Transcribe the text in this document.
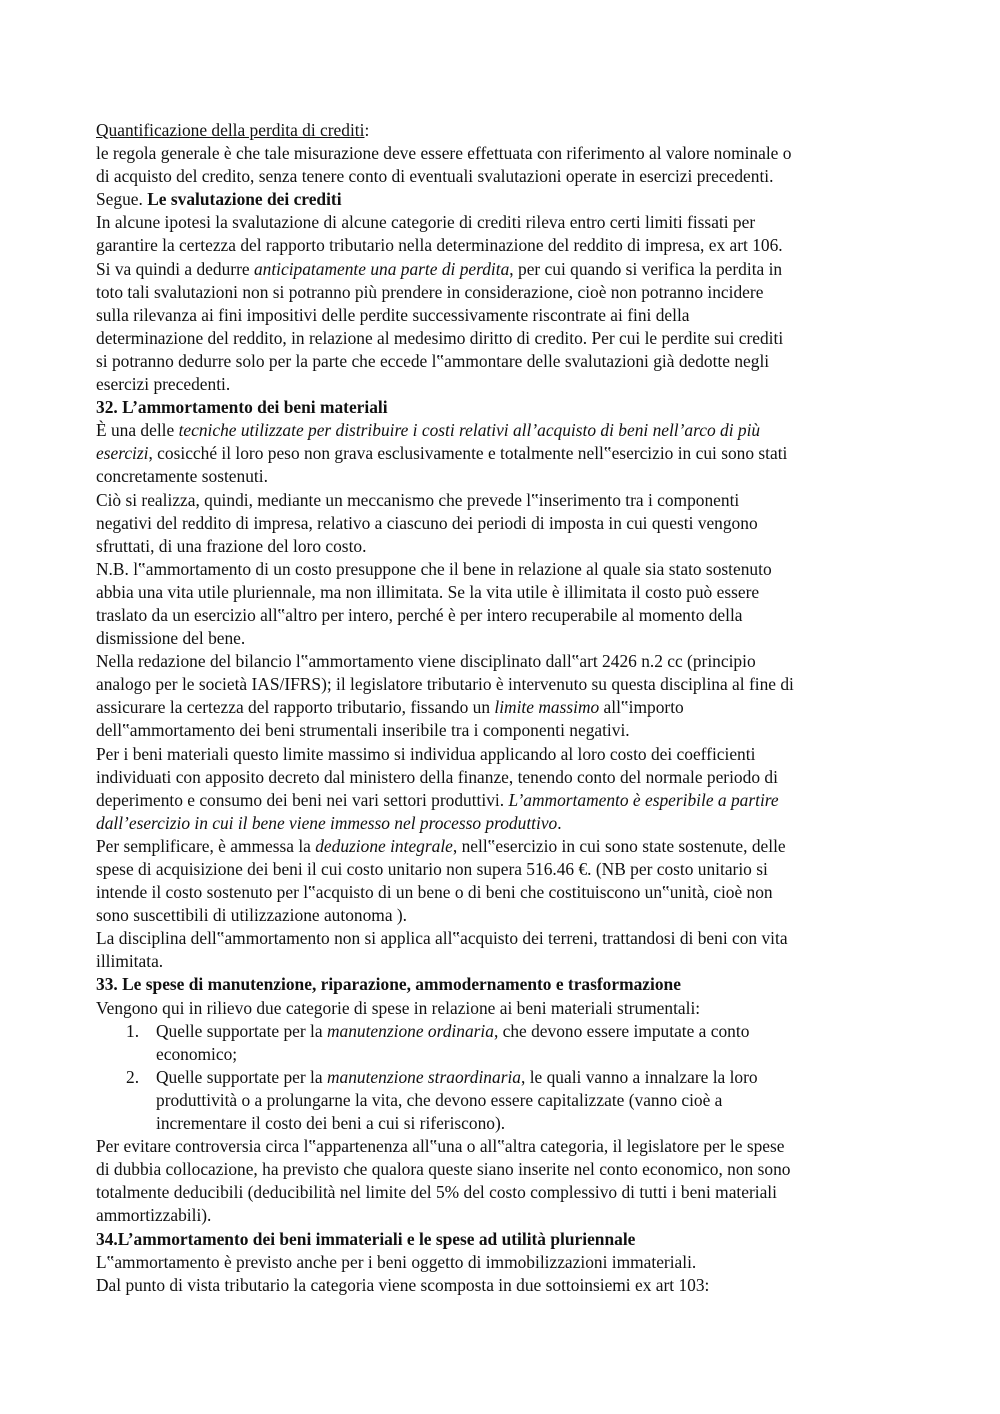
Quantificazione della perdita di crediti:
le regola generale è che tale misurazione deve essere effettuata con riferimento al valore nominale o
di acquisto del credito, senza tenere conto di eventuali svalutazioni operate in esercizi precedenti.
Segue. Le svalutazione dei crediti
In alcune ipotesi la svalutazione di alcune categorie di crediti rileva entro certi limiti fissati per
garantire la certezza del rapporto tributario nella determinazione del reddito di impresa, ex art 106.
Si va quindi a dedurre anticipatamente una parte di perdita, per cui quando si verifica la perdita in
toto tali svalutazioni non si potranno più prendere in considerazione, cioè non potranno incidere
sulla rilevanza ai fini impositivi delle perdite successivamente riscontrate ai fini della
determinazione del reddito, in relazione al medesimo diritto di credito. Per cui le perdite sui crediti
si potranno dedurre solo per la parte che eccede l‟ammontare delle svalutazioni già dedotte negli
esercizi precedenti.
32. L’ammortamento dei beni materiali
È una delle tecniche utilizzate per distribuire i costi relativi all’acquisto di beni nell’arco di più
esercizi, cosicché il loro peso non grava esclusivamente e totalmente nell‟esercizio in cui sono stati
concretamente sostenuti.
Ciò si realizza, quindi, mediante un meccanismo che prevede l‟inserimento tra i componenti
negativi del reddito di impresa, relativo a ciascuno dei periodi di imposta in cui questi vengono
sfruttati, di una frazione del loro costo.
N.B. l‟ammortamento di un costo presuppone che il bene in relazione al quale sia stato sostenuto
abbia una vita utile pluriennale, ma non illimitata. Se la vita utile è illimitata il costo può essere
traslato da un esercizio all‟altro per intero, perché è per intero recuperabile al momento della
dismissione del bene.
Nella redazione del bilancio l‟ammortamento viene disciplinato dall‟art 2426 n.2 cc (principio
analogo per le società IAS/IFRS); il legislatore tributario è intervenuto su questa disciplina al fine di
assicurare la certezza del rapporto tributario, fissando un limite massimo all‟importo
dell‟ammortamento dei beni strumentali inseribile tra i componenti negativi.
Per i beni materiali questo limite massimo si individua applicando al loro costo dei coefficienti
individuati con apposito decreto dal ministero della finanze, tenendo conto del normale periodo di
deperimento e consumo dei beni nei vari settori produttivi. L’ammortamento è esperibile a partire
dall’esercizio in cui il bene viene immesso nel processo produttivo.
Per semplificare, è ammessa la deduzione integrale, nell‟esercizio in cui sono state sostenute, delle
spese di acquisizione dei beni il cui costo unitario non supera 516.46 €. (NB per costo unitario si
intende il costo sostenuto per l‟acquisto di un bene o di beni che costituiscono un‟unità, cioè non
sono suscettibili di utilizzazione autonoma ).
La disciplina dell‟ammortamento non si applica all‟acquisto dei terreni, trattandosi di beni con vita
illimitata.
33. Le spese di manutenzione, riparazione, ammodernamento e trasformazione
Vengono qui in rilievo due categorie di spese in relazione ai beni materiali strumentali:
1. Quelle supportate per la manutenzione ordinaria, che devono essere imputate a conto
economico;
2. Quelle supportate per la manutenzione straordinaria, le quali vanno a innalzare la loro
produttività o a prolungarne la vita, che devono essere capitalizzate (vanno cioè a
incrementare il costo dei beni a cui si riferiscono).
Per evitare controversia circa l‟appartenenza all‟una o all‟altra categoria, il legislatore per le spese
di dubbia collocazione, ha previsto che qualora queste siano inserite nel conto economico, non sono
totalmente deducibili (deducibilità nel limite del 5% del costo complessivo di tutti i beni materiali
ammortizzabili).
34.L’ammortamento dei beni immateriali e le spese ad utilità pluriennale
L‟ammortamento è previsto anche per i beni oggetto di immobilizzazioni immateriali.
Dal punto di vista tributario la categoria viene scomposta in due sottoinsiemi ex art 103:
